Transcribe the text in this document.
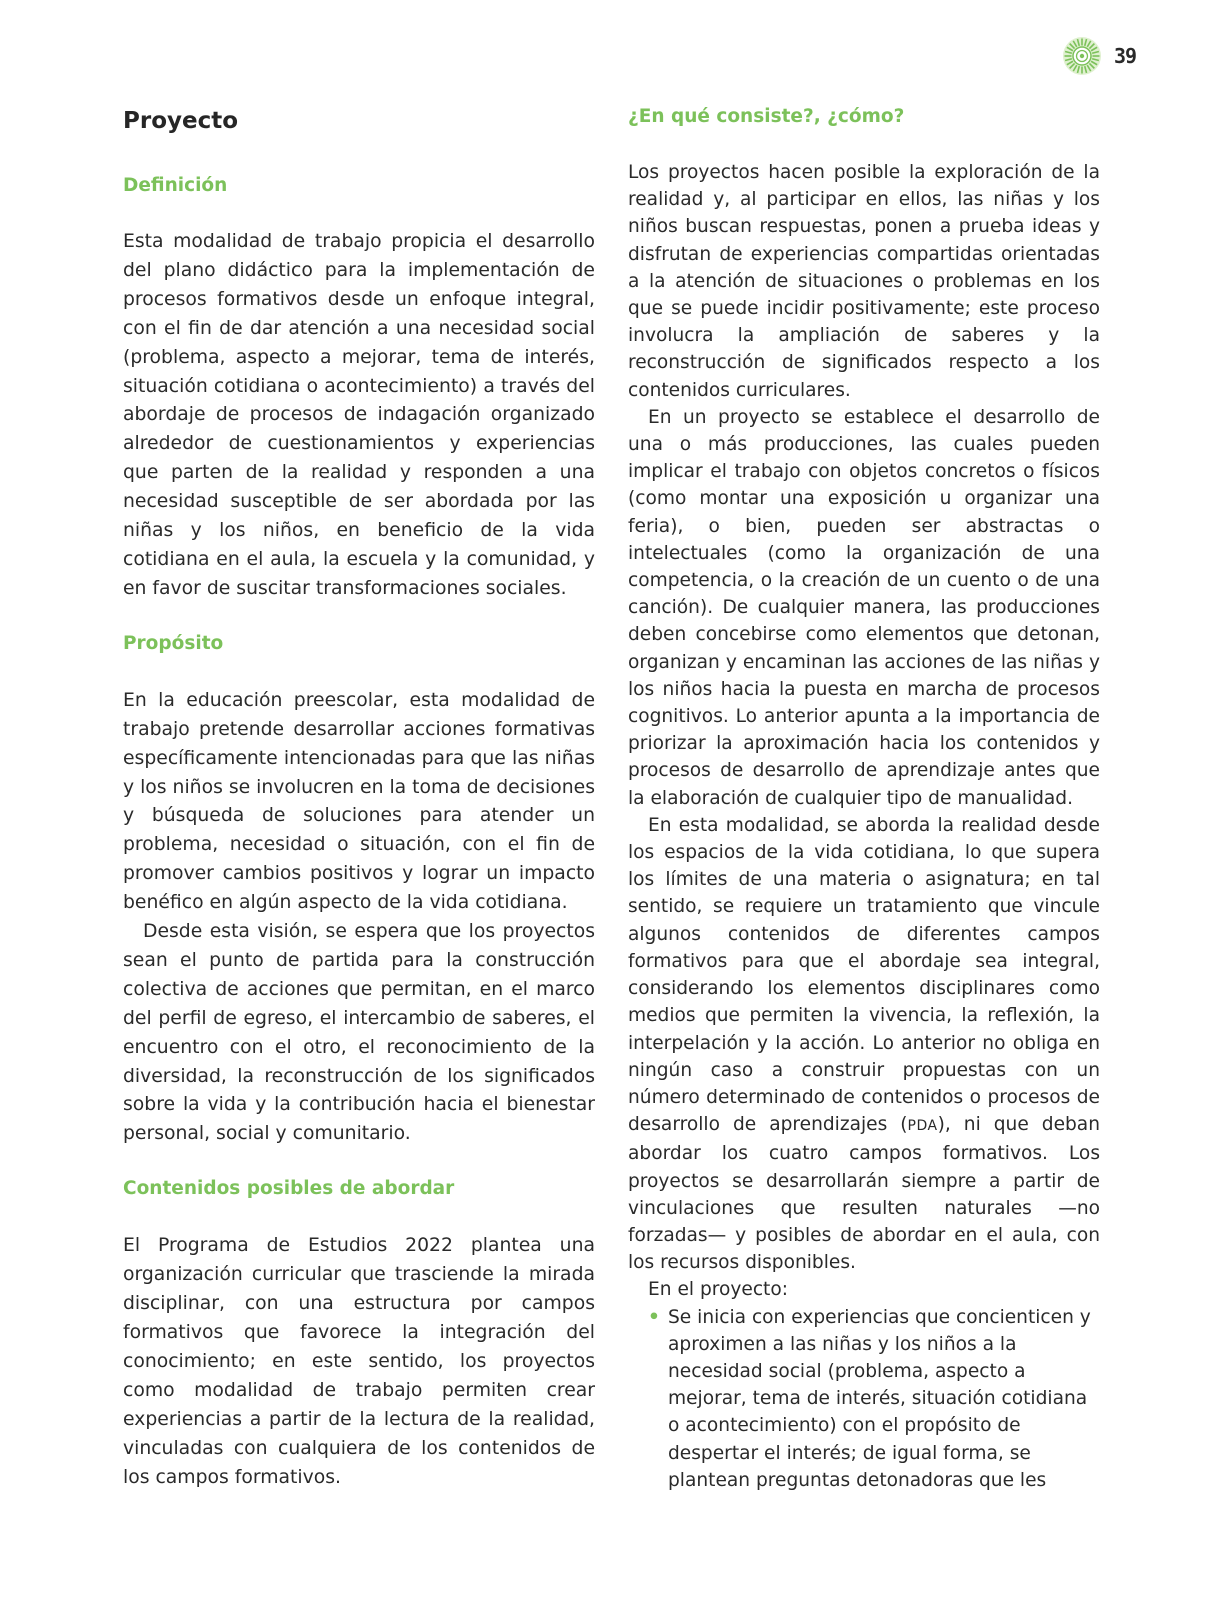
39
Proyecto
Definición

Esta modalidad de trabajo propicia el desarrollo del plano didáctico para la implementación de procesos formativos desde un enfoque integral, con el fin de dar atención a una necesidad social (problema, aspecto a mejorar, tema de interés, situación cotidiana o acontecimiento) a través del abordaje de procesos de indagación organizado alrededor de cuestionamientos y experiencias que parten de la realidad y responden a una necesidad susceptible de ser abordada por las niñas y los niños, en beneficio de la vida cotidiana en el aula, la escuela y la comunidad, y en favor de suscitar transformaciones sociales.

Propósito

En la educación preescolar, esta modalidad de trabajo pretende desarrollar acciones formativas específicamente intencionadas para que las niñas y los niños se involucren en la toma de decisiones y búsqueda de soluciones para atender un problema, necesidad o situación, con el fin de promover cambios positivos y lograr un impacto benéfico en algún aspecto de la vida cotidiana.

Desde esta visión, se espera que los proyectos sean el punto de partida para la construcción colectiva de acciones que permitan, en el marco del perfil de egreso, el intercambio de saberes, el encuentro con el otro, el reconocimiento de la diversidad, la reconstrucción de los significados sobre la vida y la contribución hacia el bienestar personal, social y comunitario.

Contenidos posibles de abordar

El Programa de Estudios 2022 plantea una organización curricular que trasciende la mirada disciplinar, con una estructura por campos formativos que favorece la integración del conocimiento; en este sentido, los proyectos como modalidad de trabajo permiten crear experiencias a partir de la lectura de la realidad, vinculadas con cualquiera de los contenidos de los campos formativos.

¿En qué consiste?, ¿cómo?

Los proyectos hacen posible la exploración de la realidad y, al participar en ellos, las niñas y los niños buscan respuestas, ponen a prueba ideas y disfrutan de experiencias compartidas orientadas a la atención de situaciones o problemas en los que se puede incidir positivamente; este proceso involucra la ampliación de saberes y la reconstrucción de significados respecto a los contenidos curriculares.

En un proyecto se establece el desarrollo de una o más producciones, las cuales pueden implicar el trabajo con objetos concretos o físicos (como montar una exposición u organizar una feria), o bien, pueden ser abstractas o intelectuales (como la organización de una competencia, o la creación de un cuento o de una canción). De cualquier manera, las producciones deben concebirse como elementos que detonan, organizan y encaminan las acciones de las niñas y los niños hacia la puesta en marcha de procesos cognitivos. Lo anterior apunta a la importancia de priorizar la aproximación hacia los contenidos y procesos de desarrollo de aprendizaje antes que la elaboración de cualquier tipo de manualidad.

En esta modalidad, se aborda la realidad desde los espacios de la vida cotidiana, lo que supera los límites de una materia o asignatura; en tal sentido, se requiere un tratamiento que vincule algunos contenidos de diferentes campos formativos para que el abordaje sea integral, considerando los elementos disciplinares como medios que permiten la vivencia, la reflexión, la interpelación y la acción. Lo anterior no obliga en ningún caso a construir propuestas con un número determinado de contenidos o procesos de desarrollo de aprendizajes (PDA), ni que deban abordar los cuatro campos formativos. Los proyectos se desarrollarán siempre a partir de vinculaciones que resulten naturales —no forzadas— y posibles de abordar en el aula, con los recursos disponibles.

En el proyecto:

• Se inicia con experiencias que concienticen y aproximen a las niñas y los niños a la necesidad social (problema, aspecto a mejorar, tema de interés, situación cotidiana o acontecimiento) con el propósito de despertar el interés; de igual forma, se plantean preguntas detonadoras que les
